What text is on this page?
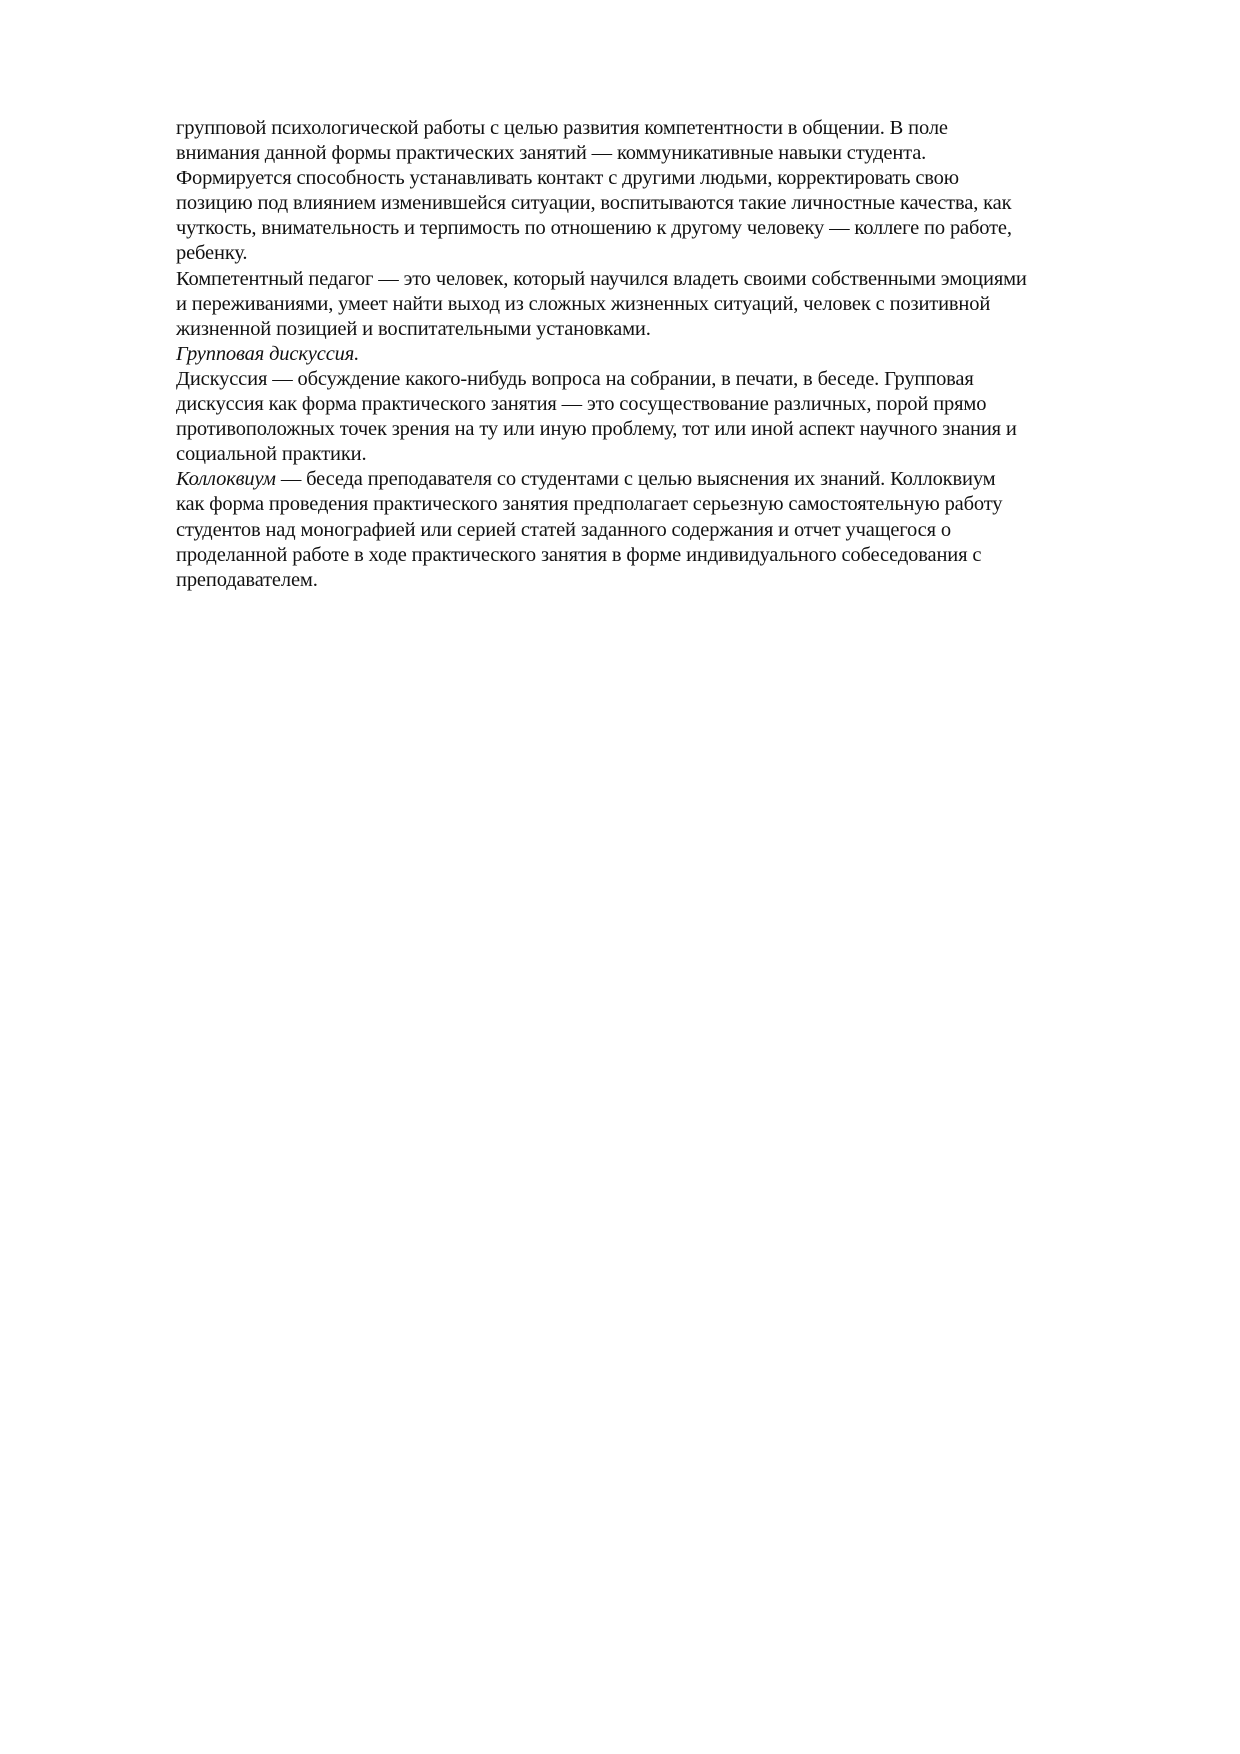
групповой психологической работы с целью развития компетентности в общении. В поле
внимания данной формы практических занятий — коммуникативные навыки студента.
Формируется способность устанавливать контакт с другими людьми, корректировать свою
позицию под влиянием изменившейся ситуации, воспитываются такие личностные качества, как
чуткость, внимательность и терпимость по отношению к другому человеку — коллеге по работе,
ребенку.
Компетентный педагог — это человек, который научился владеть своими собственными эмоциями
и переживаниями, умеет найти выход из сложных жизненных ситуаций, человек с позитивной
жизненной позицией и воспитательными установками.
Групповая дискуссия.
Дискуссия — обсуждение какого-нибудь вопроса на собрании, в печати, в беседе. Групповая
дискуссия как форма практического занятия — это сосуществование различных, порой прямо
противоположных точек зрения на ту или иную проблему, тот или иной аспект научного знания и
социальной практики.
Коллоквиум — беседа преподавателя со студентами с целью выяснения их знаний. Коллоквиум
как форма проведения практического занятия предполагает серьезную самостоятельную работу
студентов над монографией или серией статей заданного содержания и отчет учащегося о
проделанной работе в ходе практического занятия в форме индивидуального собеседования с
преподавателем.
